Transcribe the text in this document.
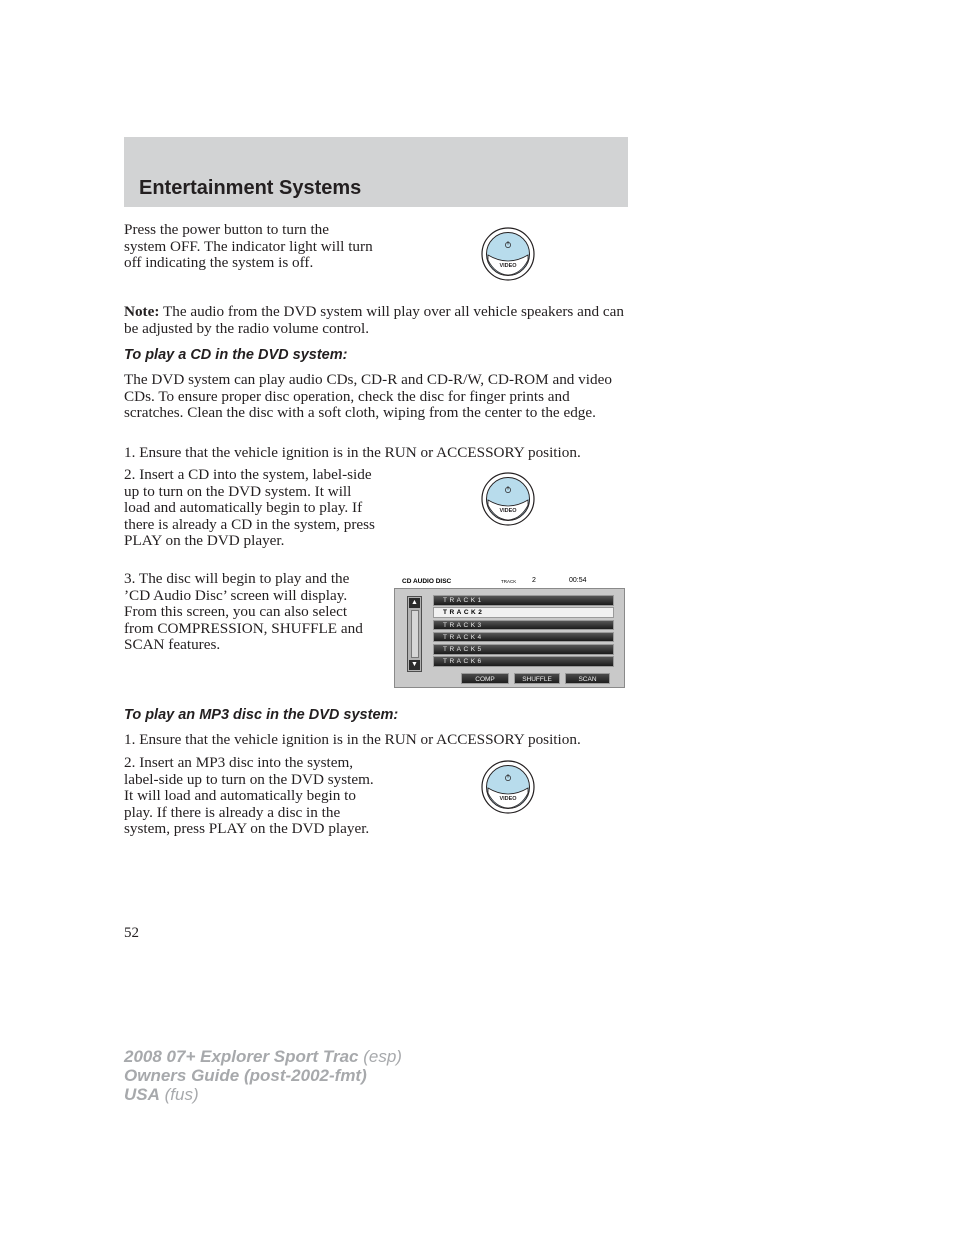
Entertainment Systems

Press the power button to turn the system OFF. The indicator light will turn off indicating the system is off.	VIDEO

Note: The audio from the DVD system will play over all vehicle speakers and can be adjusted by the radio volume control.

To play a CD in the DVD system:

The DVD system can play audio CDs, CD-R and CD-R/W, CD-ROM and video CDs. To ensure proper disc operation, check the disc for finger prints and scratches. Clean the disc with a soft cloth, wiping from the center to the edge.

1. Ensure that the vehicle ignition is in the RUN or ACCESSORY position.

2. Insert a CD into the system, label-side up to turn on the DVD system. It will load and automatically begin to play. If there is already a CD in the system, press PLAY on the DVD player.

VIDEO

3. The disc will begin to play and the ’CD Audio Disc’ screen will display. From this screen, you can also select from COMPRESSION, SHUFFLE and SCAN features.

CD AUDIO DISC	TRACK 2	00:54
▲
▼
TRACK1
TRACK2
TRACK3
TRACK4
TRACK5
TRACK6
COMP	SHUFFLE	SCAN
To play an MP3 disc in the DVD system:

1. Ensure that the vehicle ignition is in the RUN or ACCESSORY position.

2. Insert an MP3 disc into the system, label-side up to turn on the DVD system. It will load and automatically begin to play. If there is already a disc in the system, press PLAY on the DVD player.

VIDEO
52
2008 07+ Explorer Sport Trac (esp)
Owners Guide (post-2002-fmt)
USA (fus)
